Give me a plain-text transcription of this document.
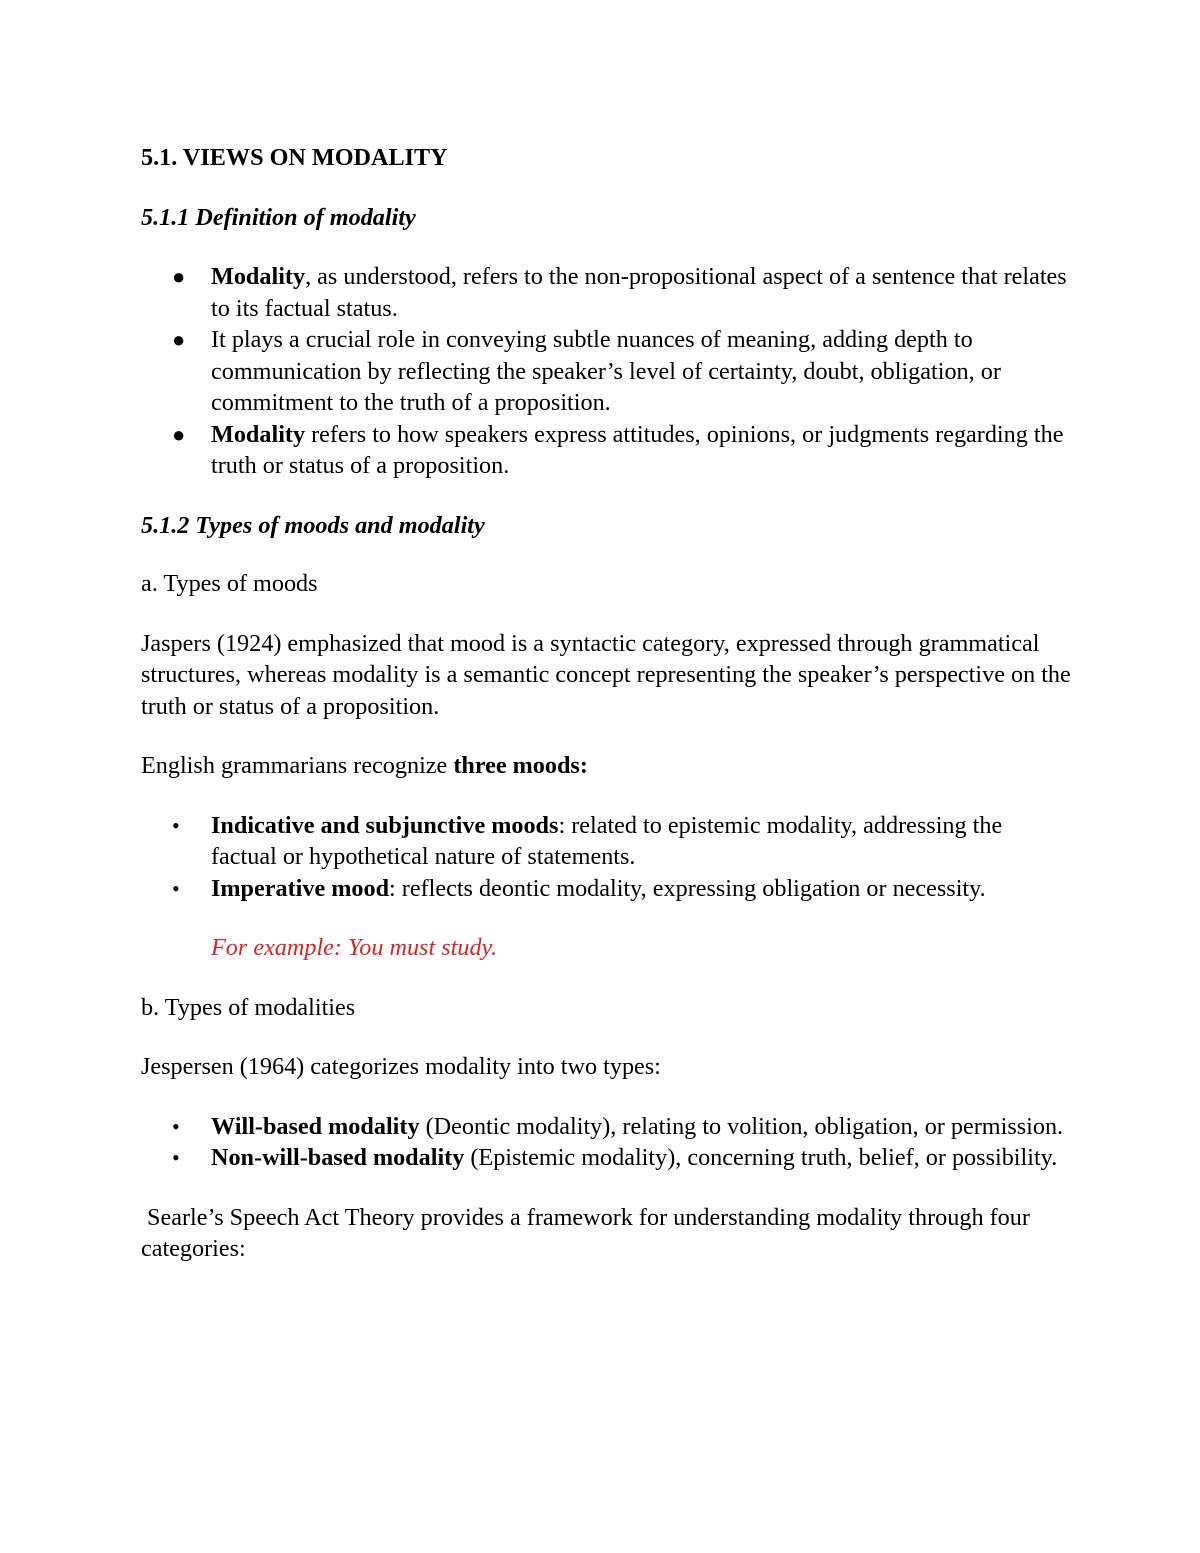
5.1. VIEWS ON MODALITY

5.1.1 Definition of modality

● Modality, as understood, refers to the non-propositional aspect of a sentence that relates to its factual status.
● It plays a crucial role in conveying subtle nuances of meaning, adding depth to communication by reflecting the speaker’s level of certainty, doubt, obligation, or commitment to the truth of a proposition.
● Modality refers to how speakers express attitudes, opinions, or judgments regarding the truth or status of a proposition.

5.1.2 Types of moods and modality

a. Types of moods

Jaspers (1924) emphasized that mood is a syntactic category, expressed through grammatical structures, whereas modality is a semantic concept representing the speaker’s perspective on the truth or status of a proposition.

English grammarians recognize three moods:

• Indicative and subjunctive moods: related to epistemic modality, addressing the factual or hypothetical nature of statements.
• Imperative mood: reflects deontic modality, expressing obligation or necessity.

For example: You must study.

b. Types of modalities

Jespersen (1964) categorizes modality into two types:

• Will-based modality (Deontic modality), relating to volition, obligation, or permission.
• Non-will-based modality (Epistemic modality), concerning truth, belief, or possibility.

Searle’s Speech Act Theory provides a framework for understanding modality through four categories:
